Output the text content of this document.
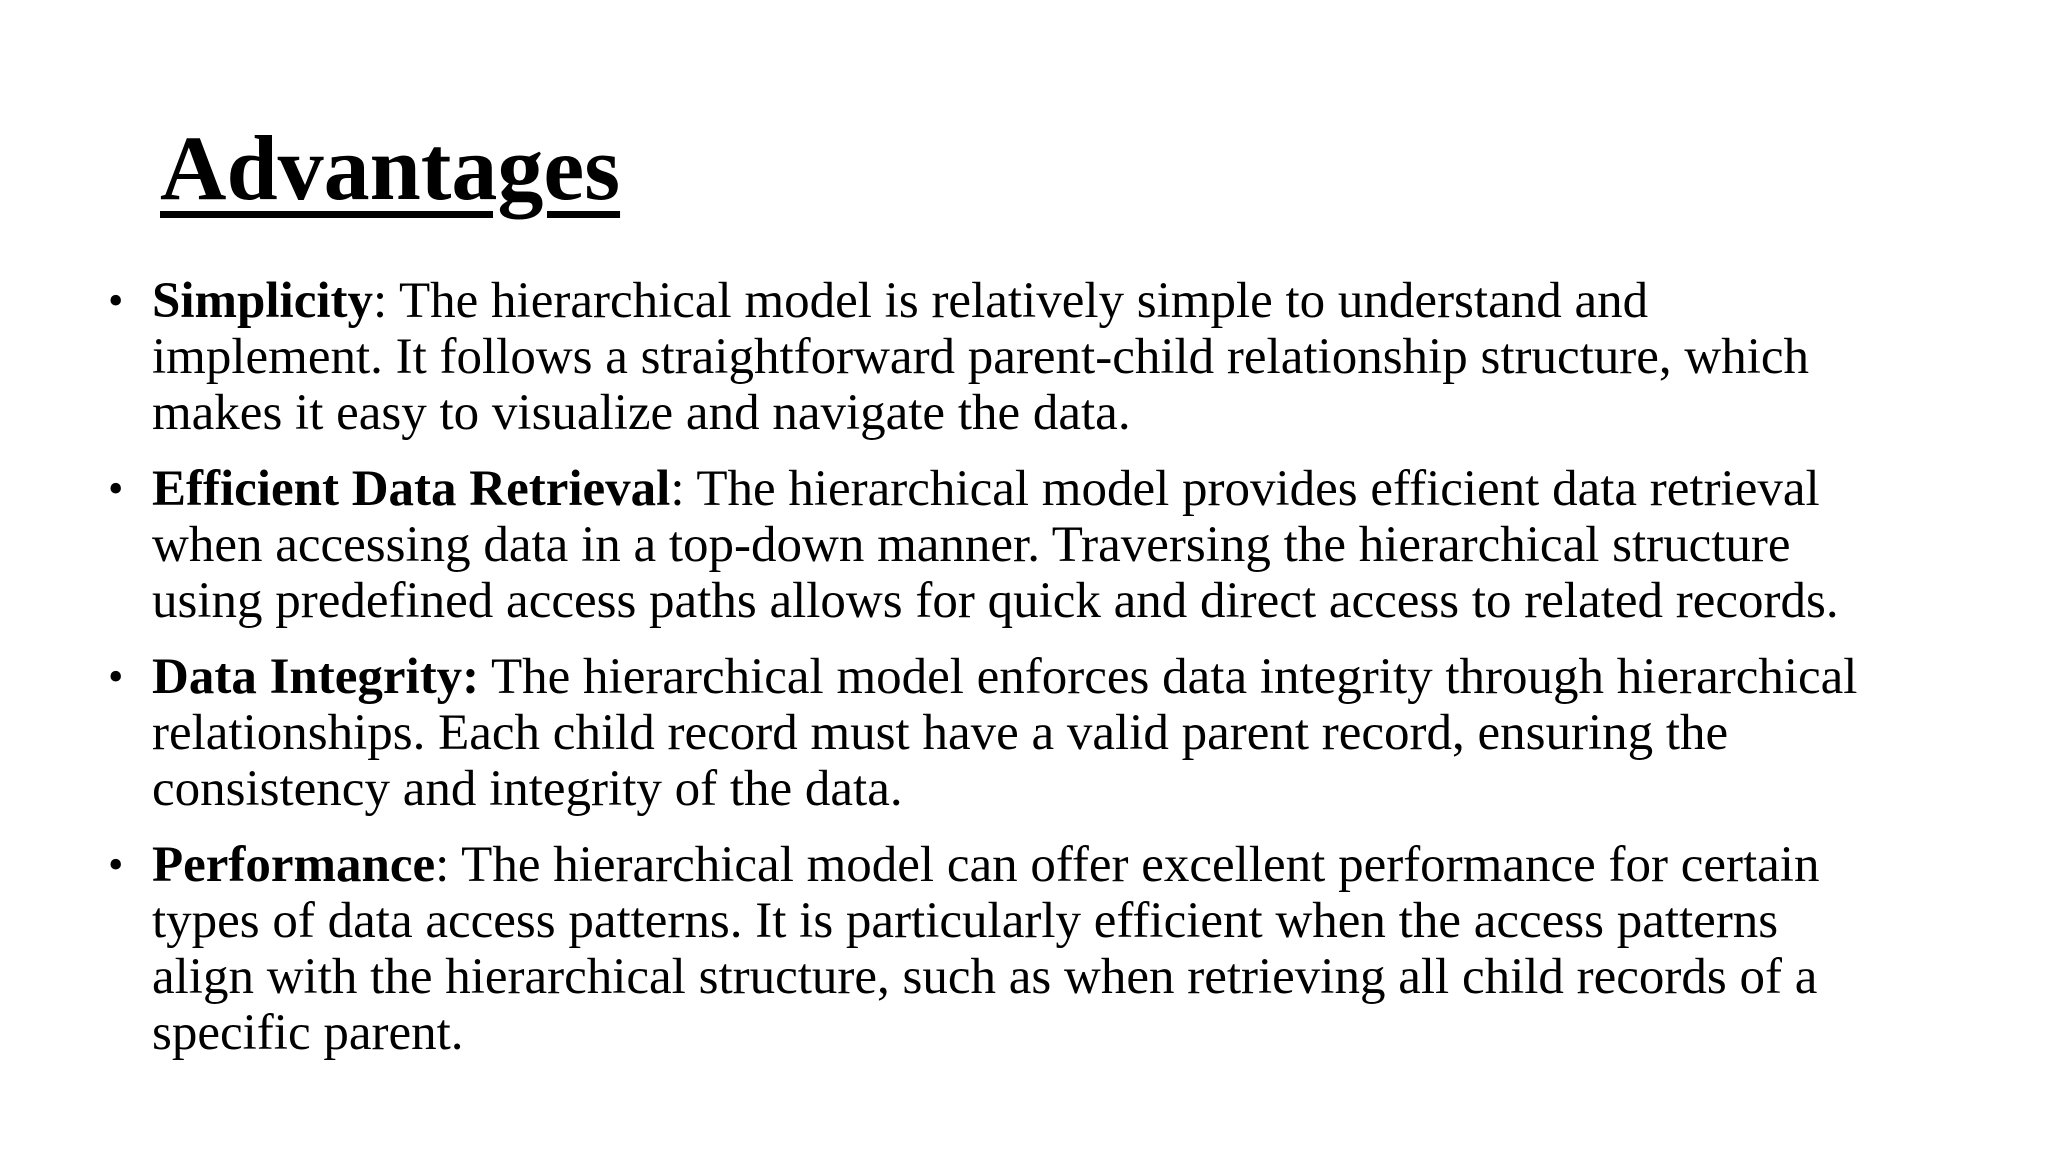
Advantages
• Simplicity: The hierarchical model is relatively simple to understand and implement. It follows a straightforward parent-child relationship structure, which makes it easy to visualize and navigate the data.
• Efficient Data Retrieval: The hierarchical model provides efficient data retrieval when accessing data in a top-down manner. Traversing the hierarchical structure using predefined access paths allows for quick and direct access to related records.
• Data Integrity: The hierarchical model enforces data integrity through hierarchical relationships. Each child record must have a valid parent record, ensuring the consistency and integrity of the data.
• Performance: The hierarchical model can offer excellent performance for certain types of data access patterns. It is particularly efficient when the access patterns align with the hierarchical structure, such as when retrieving all child records of a specific parent.
